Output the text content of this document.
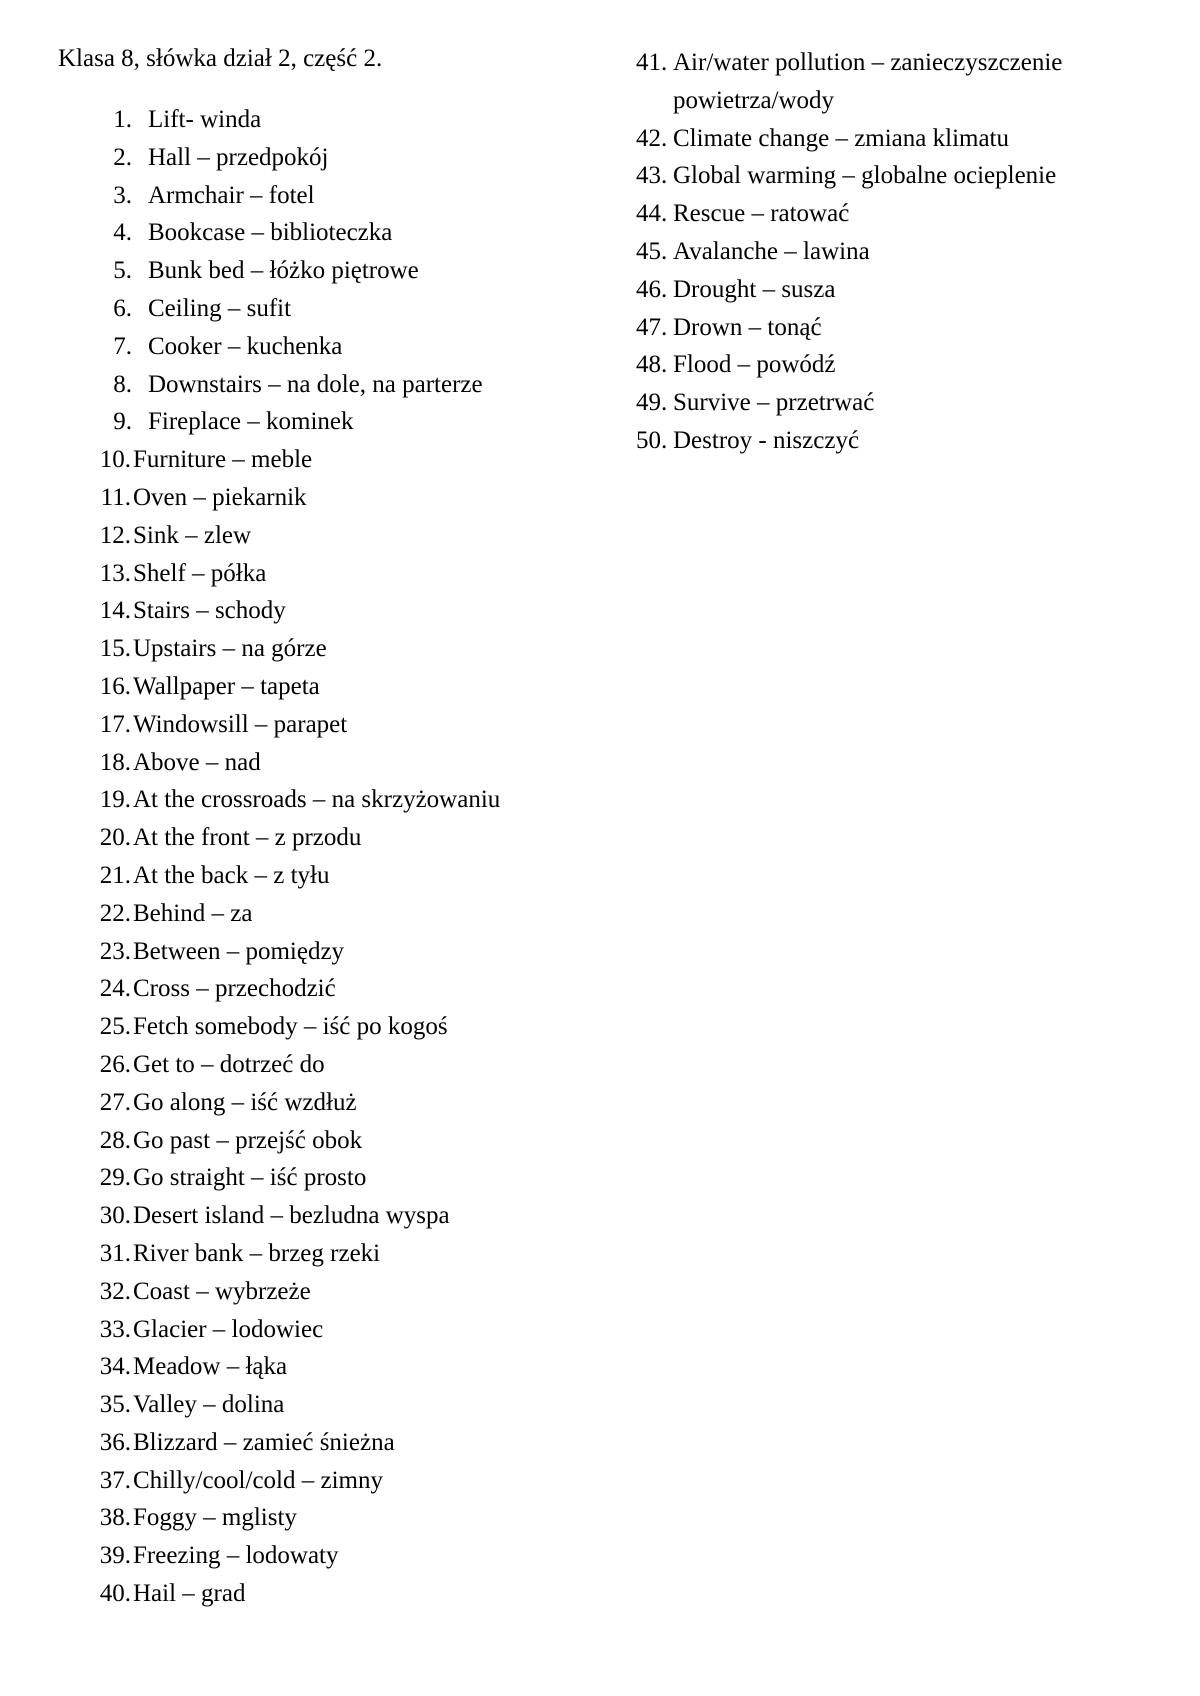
Klasa 8, słówka dział 2, część 2.
1. Lift- winda
2. Hall – przedpokój
3. Armchair – fotel
4. Bookcase – biblioteczka
5. Bunk bed – łóżko piętrowe
6. Ceiling – sufit
7. Cooker – kuchenka
8. Downstairs – na dole, na parterze
9. Fireplace – kominek
10. Furniture – meble
11. Oven – piekarnik
12. Sink – zlew
13. Shelf – półka
14. Stairs – schody
15. Upstairs – na górze
16. Wallpaper – tapeta
17. Windowsill – parapet
18. Above – nad
19. At the crossroads – na skrzyżowaniu
20. At the front – z przodu
21. At the back – z tyłu
22. Behind – za
23. Between – pomiędzy
24. Cross – przechodzić
25. Fetch somebody – iść po kogoś
26. Get to – dotrzeć do
27. Go along – iść wzdłuż
28. Go past – przejść obok
29. Go straight – iść prosto
30. Desert island – bezludna wyspa
31. River bank – brzeg rzeki
32. Coast – wybrzeże
33. Glacier – lodowiec
34. Meadow – łąka
35. Valley – dolina
36. Blizzard – zamieć śnieżna
37. Chilly/cool/cold – zimny
38. Foggy – mglisty
39. Freezing – lodowaty
40. Hail – grad
41. Air/water pollution – zanieczyszczenie powietrza/wody
42. Climate change – zmiana klimatu
43. Global warming – globalne ocieplenie
44. Rescue – ratować
45. Avalanche – lawina
46. Drought – susza
47. Drown – tonąć
48. Flood – powódź
49. Survive – przetrwać
50. Destroy - niszczyć
